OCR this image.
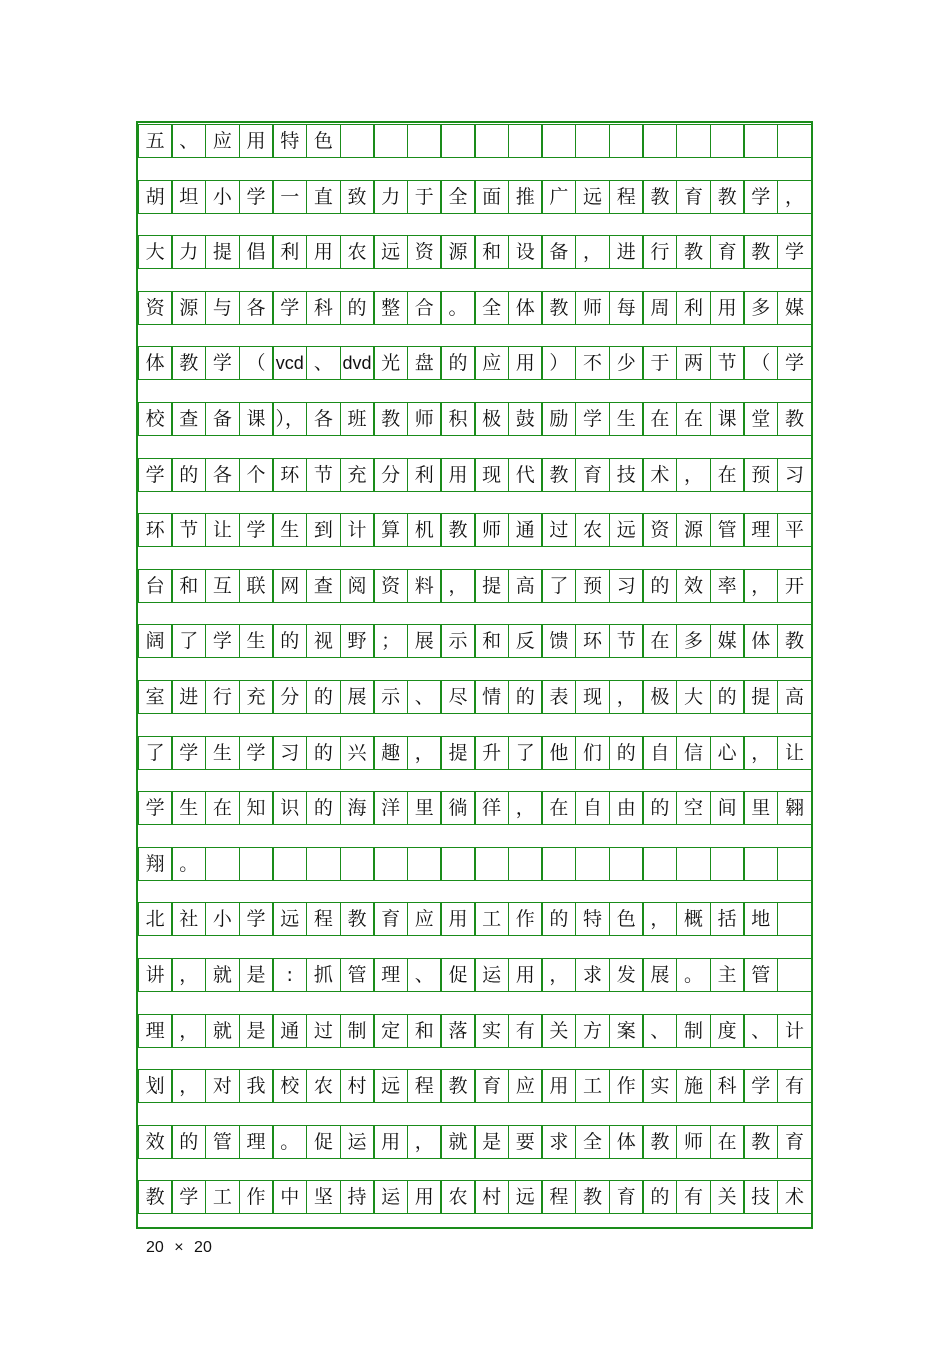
五 、 应 用 特 色
胡 坦 小 学 一 直 致 力 于 全 面 推 广 远 程 教 育 教 学 ，
大 力 提 倡 利 用 农 远 资 源 和 设 备 ， 进 行 教 育 教 学
资 源 与 各 学 科 的 整 合 。 全 体 教 师 每 周 利 用 多 媒
体 教 学 （ vcd 、 dvd 光 盘 的 应 用 ） 不 少 于 两 节 （ 学
校 查 备 课 ）， 各 班 教 师 积 极 鼓 励 学 生 在 在 课 堂 教
学 的 各 个 环 节 充 分 利 用 现 代 教 育 技 术 ， 在 预 习
环 节 让 学 生 到 计 算 机 教 师 通 过 农 远 资 源 管 理 平
台 和 互 联 网 查 阅 资 料 ， 提 高 了 预 习 的 效 率 ， 开
阔 了 学 生 的 视 野 ； 展 示 和 反 馈 环 节 在 多 媒 体 教
室 进 行 充 分 的 展 示 、 尽 情 的 表 现 ， 极 大 的 提 高
了 学 生 学 习 的 兴 趣 ， 提 升 了 他 们 的 自 信 心 ， 让
学 生 在 知 识 的 海 洋 里 徜 徉 ， 在 自 由 的 空 间 里 翱
翔 。
北 社 小 学 远 程 教 育 应 用 工 作 的 特 色 ， 概 括 地
讲 ， 就 是	:	抓 管 理 、 促 运 用 ， 求 发 展 。 主 管
理 ， 就 是 通 过 制 定 和 落 实 有 关 方 案 、 制 度 、 计
划 ， 对 我 校 农 村 远 程 教 育 应 用 工 作 实 施 科 学 有
效 的 管 理 。 促 运 用 ， 就 是 要 求 全 体 教 师 在 教 育
教 学 工 作 中 坚 持 运 用 农 村 远 程 教 育 的 有 关 技 术
20 × 20
